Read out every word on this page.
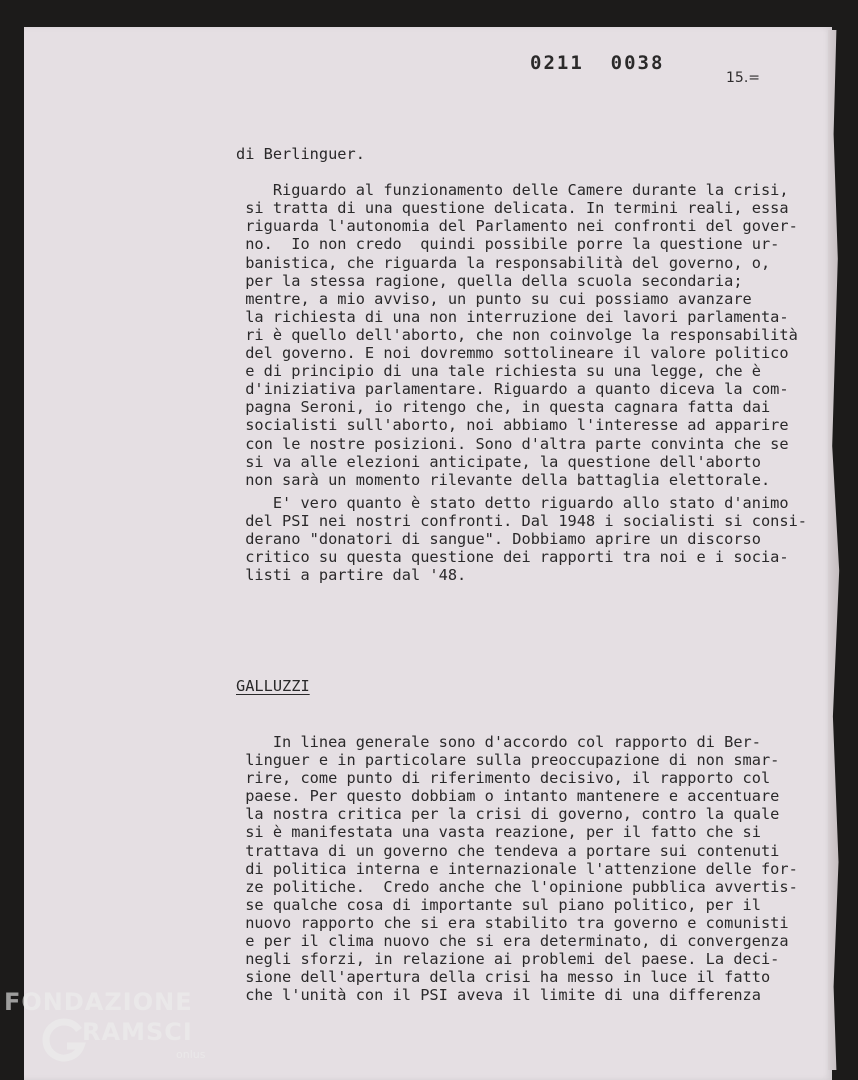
0211  0038
15.=
di Berlinguer.

Riguardo al funzionamento delle Camere durante la crisi,
si tratta di una questione delicata. In termini reali, essa
riguarda l'autonomia del Parlamento nei confronti del gover-
no.  Io non credo  quindi possibile porre la questione ur-
banistica, che riguarda la responsabilità del governo, o,
per la stessa ragione, quella della scuola secondaria;
mentre, a mio avviso, un punto su cui possiamo avanzare
la richiesta di una non interruzione dei lavori parlamenta-
ri è quello dell'aborto, che non coinvolge la responsabilità
del governo. E noi dovremmo sottolineare il valore politico
e di principio di una tale richiesta su una legge, che è
d'iniziativa parlamentare. Riguardo a quanto diceva la com-
pagna Seroni, io ritengo che, in questa cagnara fatta dai
socialisti sull'aborto, noi abbiamo l'interesse ad apparire
con le nostre posizioni. Sono d'altra parte convinta che se
si va alle elezioni anticipate, la questione dell'aborto
non sarà un momento rilevante della battaglia elettorale.
E' vero quanto è stato detto riguardo allo stato d'animo
del PSI nei nostri confronti. Dal 1948 i socialisti si consi-
derano "donatori di sangue". Dobbiamo aprire un discorso
critico su questa questione dei rapporti tra noi e i socia-
listi a partire dal '48.
GALLUZZI
In linea generale sono d'accordo col rapporto di Ber-
linguer e in particolare sulla preoccupazione di non smar-
rire, come punto di riferimento decisivo, il rapporto col
paese. Per questo dobbiam o intanto mantenere e accentuare
la nostra critica per la crisi di governo, contro la quale
si è manifestata una vasta reazione, per il fatto che si
trattava di un governo che tendeva a portare sui contenuti
di politica interna e internazionale l'attenzione delle for-
ze politiche.  Credo anche che l'opinione pubblica avvertis-
se qualche cosa di importante sul piano politico, per il
nuovo rapporto che si era stabilito tra governo e comunisti
e per il clima nuovo che si era determinato, di convergenza
negli sforzi, in relazione ai problemi del paese. La deci-
sione dell'apertura della crisi ha messo in luce il fatto
che l'unità con il PSI aveva il limite di una differenza
FONDAZIONE
RAMSCI
onlus
